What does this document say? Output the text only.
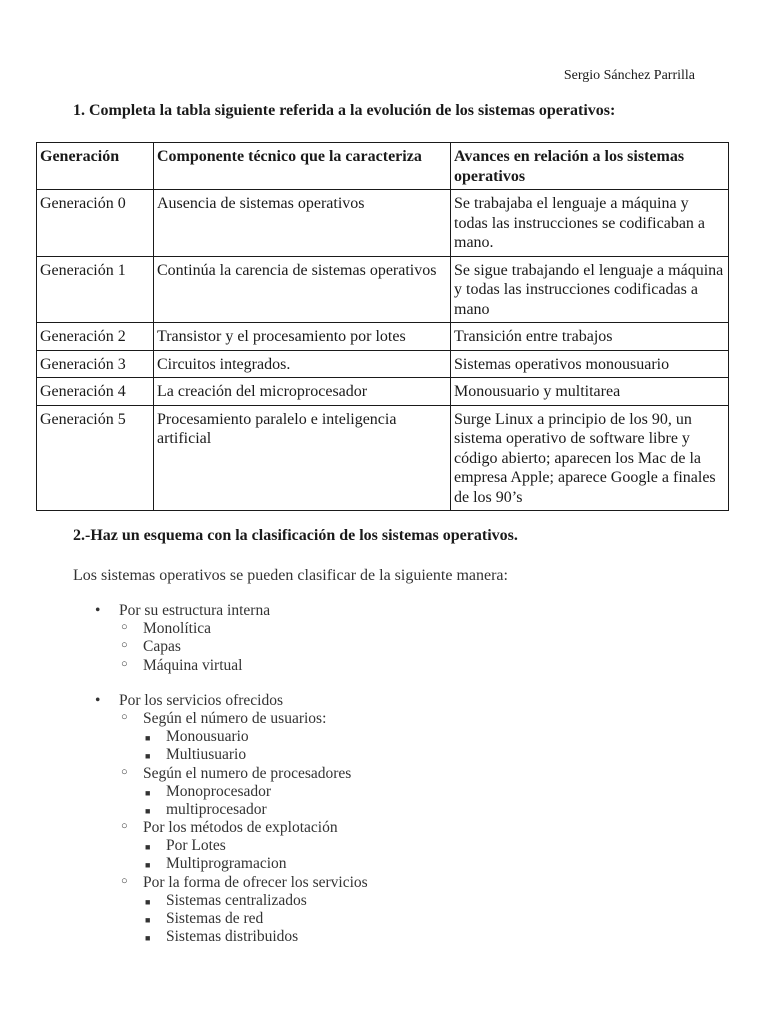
Sergio Sánchez Parrilla
1. Completa la tabla siguiente referida a la evolución de los sistemas operativos:
Generación	Componente técnico que la caracteriza	Avances en relación a los sistemas operativos
Generación 0	Ausencia de sistemas operativos	Se trabajaba el lenguaje a máquina y todas las instrucciones se codificaban a mano.
Generación 1	Continúa la carencia de sistemas operativos	Se sigue trabajando el lenguaje a máquina y todas las instrucciones codificadas a mano
Generación 2	Transistor y el procesamiento por lotes	Transición entre trabajos
Generación 3	Circuitos integrados.	Sistemas operativos monousuario
Generación 4	La creación del microprocesador	Monousuario y multitarea
Generación 5	Procesamiento paralelo e inteligencia artificial	Surge Linux a principio de los 90, un sistema operativo de software libre y código abierto; aparecen los Mac de la empresa Apple; aparece Google a finales de los 90’s
2.-Haz un esquema con la clasificación de los sistemas operativos.
Los sistemas operativos se pueden clasificar de la siguiente manera:
Por su estructura interna
Monolítica
Capas
Máquina virtual
Por los servicios ofrecidos
Según el número de usuarios:
Monousuario
Multiusuario
Según el numero de procesadores
Monoprocesador
multiprocesador
Por los métodos de explotación
Por Lotes
Multiprogramacion
Por la forma de ofrecer los servicios
Sistemas centralizados
Sistemas de red
Sistemas distribuidos
